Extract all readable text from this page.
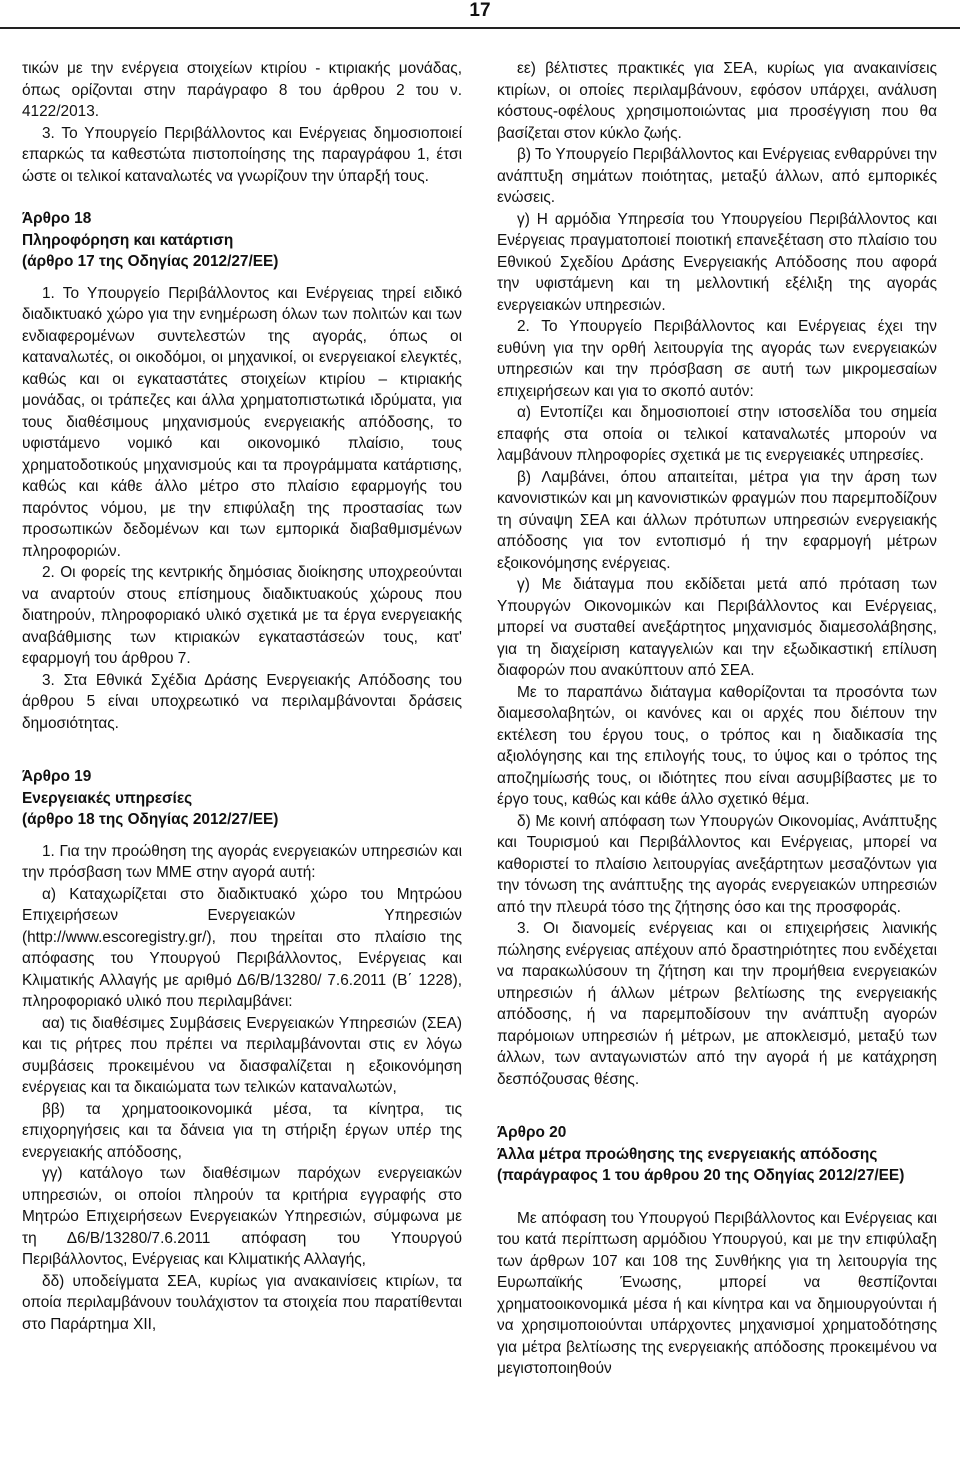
17

τικών με την ενέργεια στοιχείων κτιρίου - κτιριακής μονάδας, όπως ορίζονται στην παράγραφο 8 του άρθρου 2 του ν. 4122/2013.

3. Το Υπουργείο Περιβάλλοντος και Ενέργειας δημοσιοποιεί επαρκώς τα καθεστώτα πιστοποίησης της παραγράφου 1, έτσι ώστε οι τελικοί καταναλωτές να γνωρίζουν την ύπαρξή τους.

Άρθρο 18

Πληροφόρηση και κατάρτιση

(άρθρο 17 της Οδηγίας 2012/27/ΕΕ)

1. Το Υπουργείο Περιβάλλοντος και Ενέργειας τηρεί ειδικό διαδικτυακό χώρο για την ενημέρωση όλων των πολιτών και των ενδιαφερομένων συντελεστών της αγοράς, όπως οι καταναλωτές, οι οικοδόμοι, οι μηχανικοί, οι ενεργειακοί ελεγκτές, καθώς και οι εγκαταστάτες στοιχείων κτιρίου – κτιριακής μονάδας, οι τράπεζες και άλλα χρηματοπιστωτικά ιδρύματα, για τους διαθέσιμους μηχανισμούς ενεργειακής απόδοσης, το υφιστάμενο νομικό και οικονομικό πλαίσιο, τους χρηματοδοτικούς μηχανισμούς και τα προγράμματα κατάρτισης, καθώς και κάθε άλλο μέτρο στο πλαίσιο εφαρμογής του παρόντος νόμου, με την επιφύλαξη της προστασίας των προσωπικών δεδομένων και των εμπορικά διαβαθμισμένων πληροφοριών.

2. Οι φορείς της κεντρικής δημόσιας διοίκησης υποχρεούνται να αναρτούν στους επίσημους διαδικτυακούς χώρους που διατηρούν, πληροφοριακό υλικό σχετικά με τα έργα ενεργειακής αναβάθμισης των κτιριακών εγκαταστάσεών τους, κατ' εφαρμογή του άρθρου 7.

3. Στα Εθνικά Σχέδια Δράσης Ενεργειακής Απόδοσης του άρθρου 5 είναι υποχρεωτικό να περιλαμβάνονται δράσεις δημοσιότητας.

Άρθρο 19

Ενεργειακές υπηρεσίες

(άρθρο 18 της Οδηγίας 2012/27/ΕΕ)

1. Για την προώθηση της αγοράς ενεργειακών υπηρεσιών και την πρόσβαση των ΜΜΕ στην αγορά αυτή:

α) Καταχωρίζεται στο διαδικτυακό χώρο του Μητρώου Επιχειρήσεων Ενεργειακών Υπηρεσιών (http://www.escoregistry.gr/), που τηρείται στο πλαίσιο της απόφασης του Υπουργού Περιβάλλοντος, Ενέργειας και Κλιματικής Αλλαγής με αριθμό Δ6/Β/13280/ 7.6.2011 (Β΄ 1228), πληροφοριακό υλικό που περιλαμβάνει:

αα) τις διαθέσιμες Συμβάσεις Ενεργειακών Υπηρεσιών (ΣΕΑ) και τις ρήτρες που πρέπει να περιλαμβάνονται στις εν λόγω συμβάσεις προκειμένου να διασφαλίζεται η εξοικονόμηση ενέργειας και τα δικαιώματα των τελικών καταναλωτών,

ββ) τα χρηματοοικονομικά μέσα, τα κίνητρα, τις επιχορηγήσεις και τα δάνεια για τη στήριξη έργων υπέρ της ενεργειακής απόδοσης,

γγ) κατάλογο των διαθέσιμων παρόχων ενεργειακών υπηρεσιών, οι οποίοι πληρούν τα κριτήρια εγγραφής στο Μητρώο Επιχειρήσεων Ενεργειακών Υπηρεσιών, σύμφωνα με τη Δ6/Β/13280/7.6.2011 απόφαση του Υπουργού Περιβάλλοντος, Ενέργειας και Κλιματικής Αλλαγής,

δδ) υποδείγματα ΣΕΑ, κυρίως για ανακαινίσεις κτιρίων, τα οποία περιλαμβάνουν τουλάχιστον τα στοιχεία που παρατίθενται στο Παράρτημα XII,

εε) βέλτιστες πρακτικές για ΣΕΑ, κυρίως για ανακαινίσεις κτιρίων, οι οποίες περιλαμβάνουν, εφόσον υπάρχει, ανάλυση κόστους-οφέλους χρησιμοποιώντας μια προσέγγιση που θα βασίζεται στον κύκλο ζωής.

β) Το Υπουργείο Περιβάλλοντος και Ενέργειας ενθαρρύνει την ανάπτυξη σημάτων ποιότητας, μεταξύ άλλων, από εμπορικές ενώσεις.

γ) Η αρμόδια Υπηρεσία του Υπουργείου Περιβάλλοντος και Ενέργειας πραγματοποιεί ποιοτική επανεξέταση στο πλαίσιο του Εθνικού Σχεδίου Δράσης Ενεργειακής Απόδοσης που αφορά την υφιστάμενη και τη μελλοντική εξέλιξη της αγοράς ενεργειακών υπηρεσιών.

2. Το Υπουργείο Περιβάλλοντος και Ενέργειας έχει την ευθύνη για την ορθή λειτουργία της αγοράς των ενεργειακών υπηρεσιών και την πρόσβαση σε αυτή των μικρομεσαίων επιχειρήσεων και για το σκοπό αυτόν:

α) Εντοπίζει και δημοσιοποιεί στην ιστοσελίδα του σημεία επαφής στα οποία οι τελικοί καταναλωτές μπορούν να λαμβάνουν πληροφορίες σχετικά με τις ενεργειακές υπηρεσίες.

β) Λαμβάνει, όπου απαιτείται, μέτρα για την άρση των κανονιστικών και μη κανονιστικών φραγμών που παρεμποδίζουν τη σύναψη ΣΕΑ και άλλων πρότυπων υπηρεσιών ενεργειακής απόδοσης για τον εντοπισμό ή την εφαρμογή μέτρων εξοικονόμησης ενέργειας.

γ) Με διάταγμα που εκδίδεται μετά από πρόταση των Υπουργών Οικονομικών και Περιβάλλοντος και Ενέργειας, μπορεί να συσταθεί ανεξάρτητος μηχανισμός διαμεσολάβησης, για τη διαχείριση καταγγελιών και την εξωδικαστική επίλυση διαφορών που ανακύπτουν από ΣΕΑ.

Με το παραπάνω διάταγμα καθορίζονται τα προσόντα των διαμεσολαβητών, οι κανόνες και οι αρχές που διέπουν την εκτέλεση του έργου τους, ο τρόπος και η διαδικασία της αξιολόγησης και της επιλογής τους, το ύψος και ο τρόπος της αποζημίωσής τους, οι ιδιότητες που είναι ασυμβίβαστες με το έργο τους, καθώς και κάθε άλλο σχετικό θέμα.

δ) Με κοινή απόφαση των Υπουργών Οικονομίας, Ανάπτυξης και Τουρισμού και Περιβάλλοντος και Ενέργειας, μπορεί να καθοριστεί το πλαίσιο λειτουργίας ανεξάρτητων μεσαζόντων για την τόνωση της ανάπτυξης της αγοράς ενεργειακών υπηρεσιών από την πλευρά τόσο της ζήτησης όσο και της προσφοράς.

3. Οι διανομείς ενέργειας και οι επιχειρήσεις λιανικής πώλησης ενέργειας απέχουν από δραστηριότητες που ενδέχεται να παρακωλύσουν τη ζήτηση και την προμήθεια ενεργειακών υπηρεσιών ή άλλων μέτρων βελτίωσης της ενεργειακής απόδοσης, ή να παρεμποδίσουν την ανάπτυξη αγορών παρόμοιων υπηρεσιών ή μέτρων, με αποκλεισμό, μεταξύ των άλλων, των ανταγωνιστών από την αγορά ή με κατάχρηση δεσπόζουσας θέσης.

Άρθρο 20

Άλλα μέτρα προώθησης της ενεργειακής απόδοσης

(παράγραφος 1 του άρθρου 20 της Οδηγίας 2012/27/ΕΕ)

Με απόφαση του Υπουργού Περιβάλλοντος και Ενέργειας και του κατά περίπτωση αρμόδιου Υπουργού, και με την επιφύλαξη των άρθρων 107 και 108 της Συνθήκης για τη λειτουργία της Ευρωπαϊκής Ένωσης, μπορεί να θεσπίζονται χρηματοοικονομικά μέσα ή και κίνητρα και να δημιουργούνται ή να χρησιμοποιούνται υπάρχοντες μηχανισμοί χρηματοδότησης για μέτρα βελτίωσης της ενεργειακής απόδοσης προκειμένου να μεγιστοποιηθούν
